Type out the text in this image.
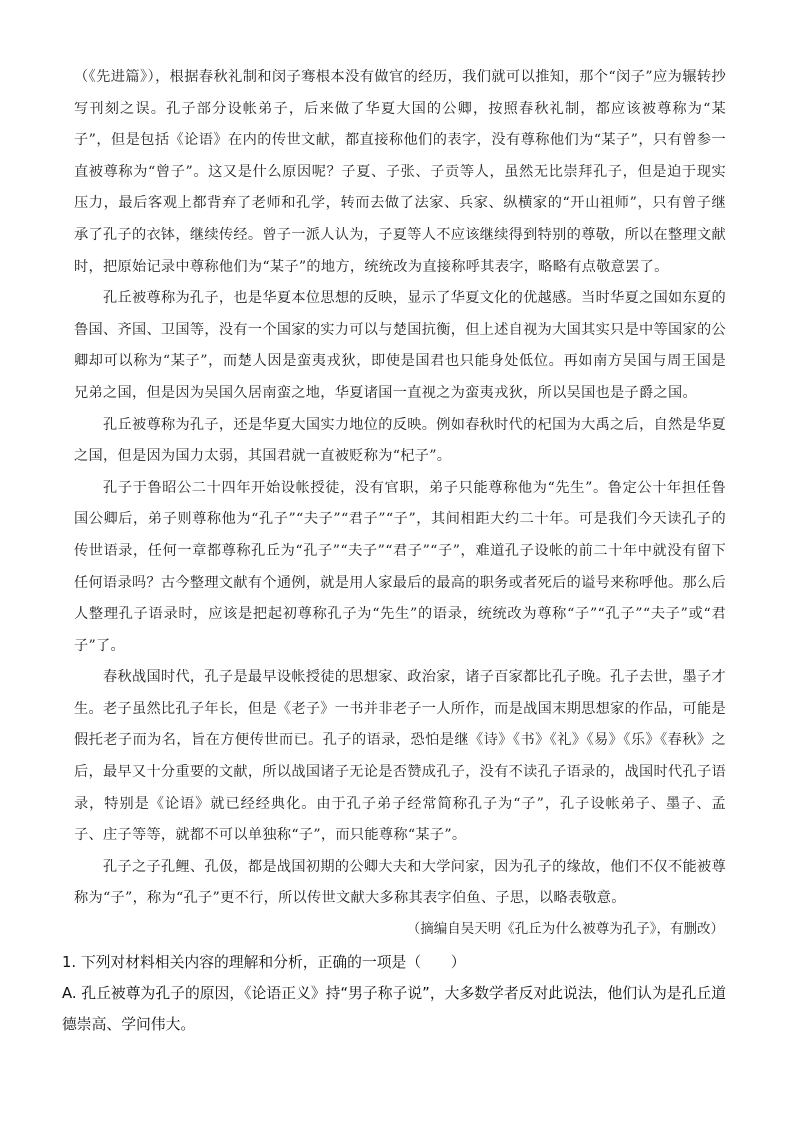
（《先进篇》），根据春秋礼制和闵子骞根本没有做官的经历，我们就可以推知，那个“闵子”应为辗转抄写刊刻之误。孔子部分设帐弟子，后来做了华夏大国的公卿，按照春秋礼制，都应该被尊称为“某子”，但是包括《论语》在内的传世文献，都直接称他们的表字，没有尊称他们为“某子”，只有曾参一直被尊称为“曾子”。这又是什么原因呢？子夏、子张、子贡等人，虽然无比崇拜孔子，但是迫于现实压力，最后客观上都背弃了老师和孔学，转而去做了法家、兵家、纵横家的“开山祖师”，只有曾子继承了孔子的衣钵，继续传经。曾子一派人认为，子夏等人不应该继续得到特别的尊敬，所以在整理文献时，把原始记录中尊称他们为“某子”的地方，统统改为直接称呼其表字，略略有点敬意罢了。

孔丘被尊称为孔子，也是华夏本位思想的反映，显示了华夏文化的优越感。当时华夏之国如东夏的鲁国、齐国、卫国等，没有一个国家的实力可以与楚国抗衡，但上述自视为大国其实只是中等国家的公卿却可以称为“某子”，而楚人因是蛮夷戎狄，即使是国君也只能身处低位。再如南方吴国与周王国是兄弟之国，但是因为吴国久居南蛮之地，华夏诸国一直视之为蛮夷戎狄，所以吴国也是子爵之国。

孔丘被尊称为孔子，还是华夏大国实力地位的反映。例如春秋时代的杞国为大禹之后，自然是华夏之国，但是因为国力太弱，其国君就一直被贬称为“杞子”。

孔子于鲁昭公二十四年开始设帐授徒，没有官职，弟子只能尊称他为“先生”。鲁定公十年担任鲁国公卿后，弟子则尊称他为“孔子”“夫子”“君子”“子”，其间相距大约二十年。可是我们今天读孔子的传世语录，任何一章都尊称孔丘为“孔子”“夫子”“君子”“子”，难道孔子设帐的前二十年中就没有留下任何语录吗？古今整理文献有个通例，就是用人家最后的最高的职务或者死后的谥号来称呼他。那么后人整理孔子语录时，应该是把起初尊称孔子为“先生”的语录，统统改为尊称“子”“孔子”“夫子”或“君子”了。

春秋战国时代，孔子是最早设帐授徒的思想家、政治家，诸子百家都比孔子晚。孔子去世，墨子才生。老子虽然比孔子年长，但是《老子》一书并非老子一人所作，而是战国末期思想家的作品，可能是假托老子而为名，旨在方便传世而已。孔子的语录，恐怕是继《诗》《书》《礼》《易》《乐》《春秋》之后，最早又十分重要的文献，所以战国诸子无论是否赞成孔子，没有不读孔子语录的，战国时代孔子语录，特别是《论语》就已经经典化。由于孔子弟子经常简称孔子为“子”，孔子设帐弟子、墨子、孟子、庄子等等，就都不可以单独称“子”，而只能尊称“某子”。

孔子之子孔鲤、孔伋，都是战国初期的公卿大夫和大学问家，因为孔子的缘故，他们不仅不能被尊称为“子”，称为“孔子”更不行，所以传世文献大多称其表字伯鱼、子思，以略表敬意。

（摘编自吴天明《孔丘为什么被尊为孔子》，有删改）

1. 下列对材料相关内容的理解和分析，正确的一项是（　　）

A. 孔丘被尊为孔子的原因，《论语正义》持“男子称子说”，大多数学者反对此说法，他们认为是孔丘道德崇高、学问伟大。
